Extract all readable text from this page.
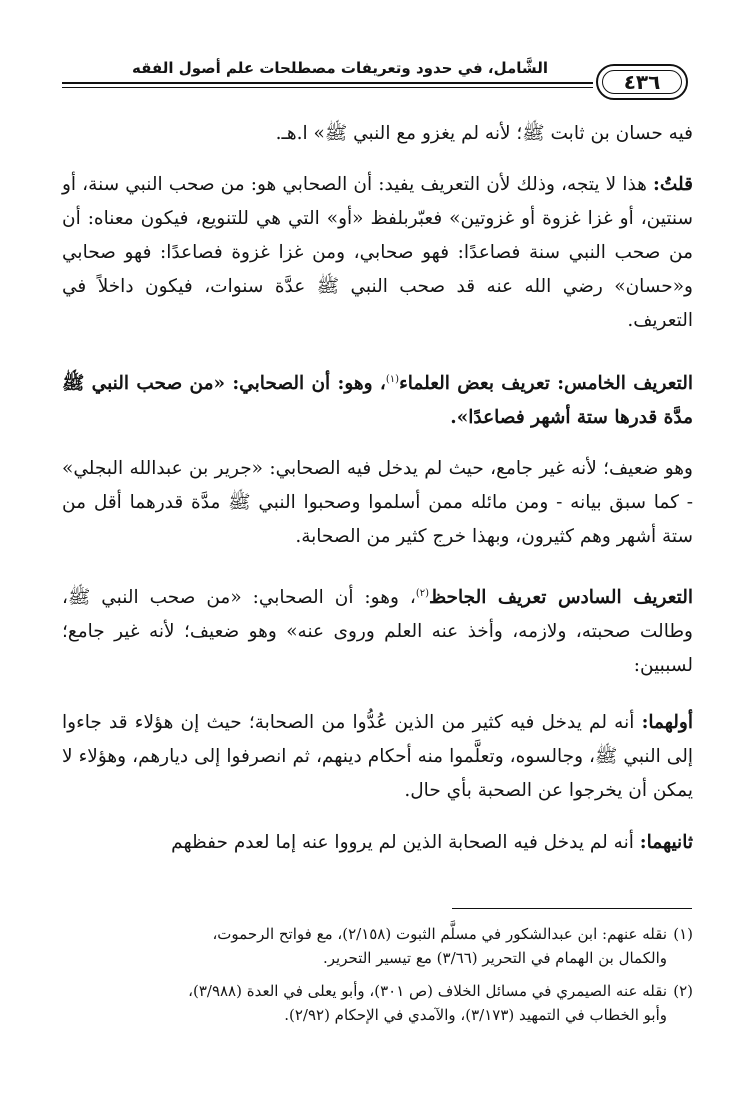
الشَّامل، في حدود وتعريفات مصطلحات علم أصول الفقه
٤٣٦
فيه حسان بن ثابت ﷺ؛ لأنه لم يغزو مع النبي ﷺ» ا.هـ.
قلتُ: هذا لا يتجه، وذلك لأن التعريف يفيد: أن الصحابي هو: من صحب النبي سنة، أو سنتين، أو غزا غزوة أو غزوتين» فعبّربلفظ «أو» التي هي للتنويع، فيكون معناه: أن من صحب النبي سنة فصاعدًا: فهو صحابي، ومن غزا غزوة فصاعدًا: فهو صحابي و«حسان» رضي الله عنه قد صحب النبي ﷺ عدَّة سنوات، فيكون داخلاً في التعريف.
التعريف الخامس: تعريف بعض العلماء$^{(١)}$، وهو: أن الصحابي: «من صحب النبي ﷺ مدَّة قدرها ستة أشهر فصاعدًا».
وهو ضعيف؛ لأنه غير جامع، حيث لم يدخل فيه الصحابي: «جرير بن عبدالله البجلي» - كما سبق بيانه - ومن مائله ممن أسلموا وصحبوا النبي ﷺ مدَّة قدرهما أقل من ستة أشهر وهم كثيرون، وبهذا خرج كثير من الصحابة.
التعريف السادس تعريف الجاحظ$^{(٢)}$، وهو: أن الصحابي: «من صحب النبي ﷺ، وطالت صحبته، ولازمه، وأخذ عنه العلم وروى عنه» وهو ضعيف؛ لأنه غير جامع؛ لسببين:
أولهما: أنه لم يدخل فيه كثير من الذين عُدُّوا من الصحابة؛ حيث إن هؤلاء قد جاءوا إلى النبي ﷺ، وجالسوه، وتعلَّموا منه أحكام دينهم، ثم انصرفوا إلى ديارهم، وهؤلاء لا يمكن أن يخرجوا عن الصحبة بأي حال.
ثانيهما: أنه لم يدخل فيه الصحابة الذين لم يرووا عنه إما لعدم حفظهم
(١)نقله عنهم: ابن عبدالشكور في مسلَّم الثبوت (٢/١٥٨)، مع فواتح الرحموت،
والكمال بن الهمام في التحرير (٣/٦٦) مع تيسير التحرير.
(٢)نقله عنه الصيمري في مسائل الخلاف (ص ٣٠١)، وأبو يعلى في العدة (٣/٩٨٨)،
وأبو الخطاب في التمهيد (٣/١٧٣)، والآمدي في الإحكام (٢/٩٢).
